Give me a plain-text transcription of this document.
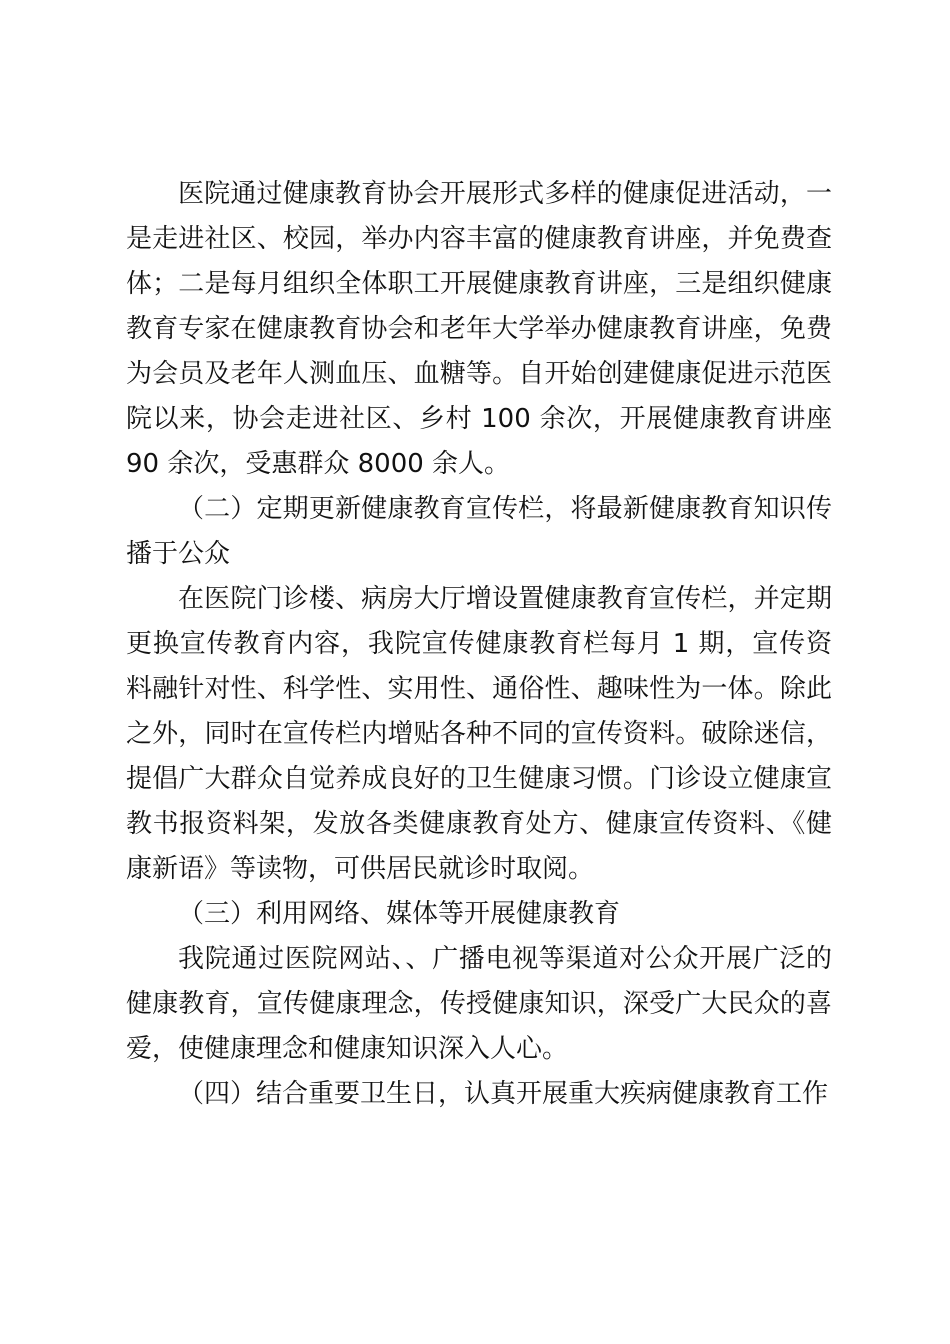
医院通过健康教育协会开展形式多样的健康促进活动，一是走进社区、校园，举办内容丰富的健康教育讲座，并免费查体；二是每月组织全体职工开展健康教育讲座，三是组织健康教育专家在健康教育协会和老年大学举办健康教育讲座，免费为会员及老年人测血压、血糖等。自开始创建健康促进示范医院以来，协会走进社区、乡村 100 余次，开展健康教育讲座 90 余次，受惠群众 8000 余人。

（二）定期更新健康教育宣传栏，将最新健康教育知识传播于公众

在医院门诊楼、病房大厅增设置健康教育宣传栏，并定期更换宣传教育内容，我院宣传健康教育栏每月 1 期，宣传资料融针对性、科学性、实用性、通俗性、趣味性为一体。除此之外，同时在宣传栏内增贴各种不同的宣传资料。破除迷信，提倡广大群众自觉养成良好的卫生健康习惯。门诊设立健康宣教书报资料架，发放各类健康教育处方、健康宣传资料、《健康新语》等读物，可供居民就诊时取阅。

（三）利用网络、媒体等开展健康教育

我院通过医院网站、、广播电视等渠道对公众开展广泛的健康教育，宣传健康理念，传授健康知识，深受广大民众的喜爱，使健康理念和健康知识深入人心。

（四）结合重要卫生日，认真开展重大疾病健康教育工作
